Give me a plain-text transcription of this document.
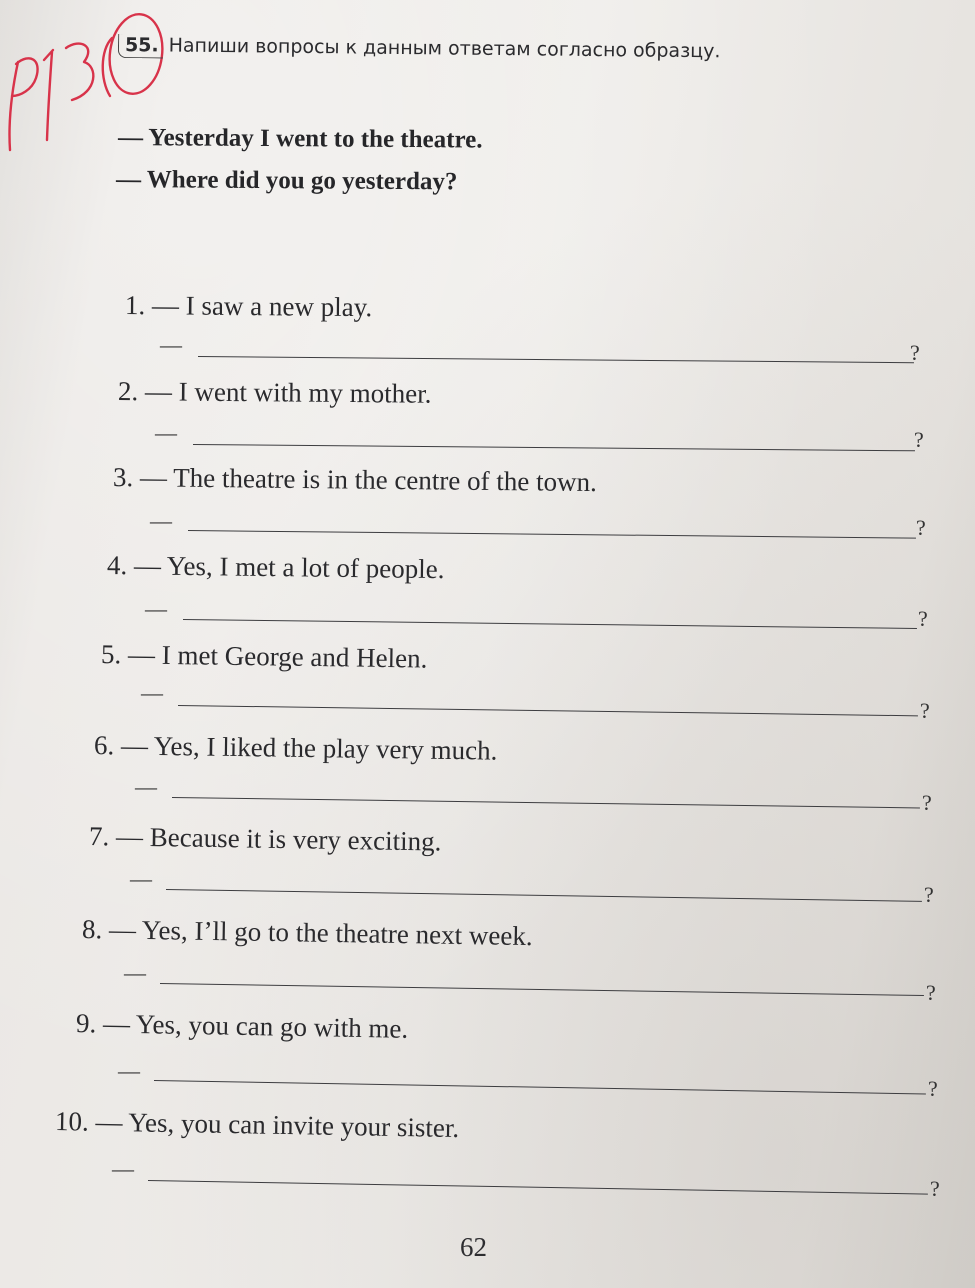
55. Напиши вопросы к данным ответам согласно образцу.
— Yesterday I went to the theatre.
— Where did you go yesterday?
1. — I saw a new play.
—	?
2. — I went with my mother.
—	?
3. — The theatre is in the centre of the town.
—	?
4. — Yes, I met a lot of people.
—	?
5. — I met George and Helen.
—
?
6. — Yes, I liked the play very much.
—
?
7. — Because it is very exciting.
—
?
8. — Yes, I’ll go to the theatre next week.
—
?
9. — Yes, you can go with me.
—
?
10. — Yes, you can invite your sister.
—
?
62
